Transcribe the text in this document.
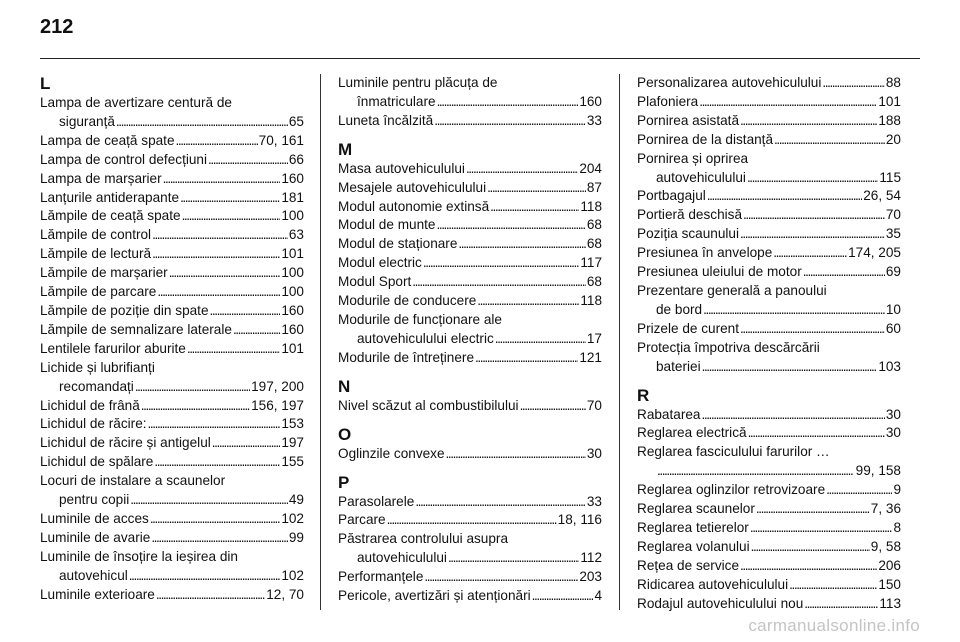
212
L
Lampa de avertizare centură de
siguranță . . .	65
Lampa de ceață spate . . .	70, 161
Lampa de control defecțiuni . . .	66
Lampa de marșarier . . .	160
Lanțurile antiderapante . . .	181
Lămpile de ceață spate . . .	100
Lămpile de control . . .	63
Lămpile de lectură . . .	101
Lămpile de marșarier . . .	100
Lămpile de parcare . . .	100
Lămpile de poziție din spate . . .	160
Lămpile de semnalizare laterale . . .	160
Lentilele farurilor aburite . . .	101
Lichide și lubrifianți
recomandați . . .	197, 200
Lichidul de frână . . .	156, 197
Lichidul de răcire: . . .	153
Lichidul de răcire și antigelul . . .	197
Lichidul de spălare . . .	155
Locuri de instalare a scaunelor
pentru copii . . .	49
Luminile de acces . . .	102
Luminile de avarie . . .	99
Luminile de însoțire la ieșirea din
autovehicul . . .	102
Luminile exterioare . . .	12, 70
Luminile pentru plăcuța de
înmatriculare . . .	160
Luneta încălzită . . .	33
M
Masa autovehiculului . . .	204
Mesajele autovehiculului . . .	87
Modul autonomie extinsă . . .	118
Modul de munte . . .	68
Modul de staționare . . .	68
Modul electric . . .	117
Modul Sport . . .	68
Modurile de conducere . . .	118
Modurile de funcționare ale
autovehiculului electric . . .	17
Modurile de întreținere . . .	121
N
Nivel scăzut al combustibilului . . .	70
O
Oglinzile convexe . . .	30
P
Parasolarele . . .	33
Parcare . . .	18, 116
Păstrarea controlului asupra
autovehiculului . . .	112
Performanțele . . .	203
Pericole, avertizări și atenționări . . .	4
Personalizarea autovehiculului . . .	88
Plafoniera . . .	101
Pornirea asistată . . .	188
Pornirea de la distanță . . .	20
Pornirea și oprirea
autovehiculului . . .	115
Portbagajul . . .	26, 54
Portieră deschisă . . .	70
Poziția scaunului . . .	35
Presiunea în anvelope . . .	174, 205
Presiunea uleiului de motor . . .	69
Prezentare generală a panoului
de bord . . .	10
Prizele de curent . . .	60
Protecția împotriva descărcării
bateriei . . .	103
R
Rabatarea . . .	30
Reglarea electrică . . .	30
Reglarea fasciculului farurilor …
. . .
99, 158
Reglarea oglinzilor retrovizoare . . .	9
Reglarea scaunelor . . .	7, 36
Reglarea tetierelor . . .	8
Reglarea volanului . . .	9, 58
Rețea de service . . .	206
Ridicarea autovehiculului . . .	150
Rodajul autovehiculului nou . . .	113
carmanualsonline.info
